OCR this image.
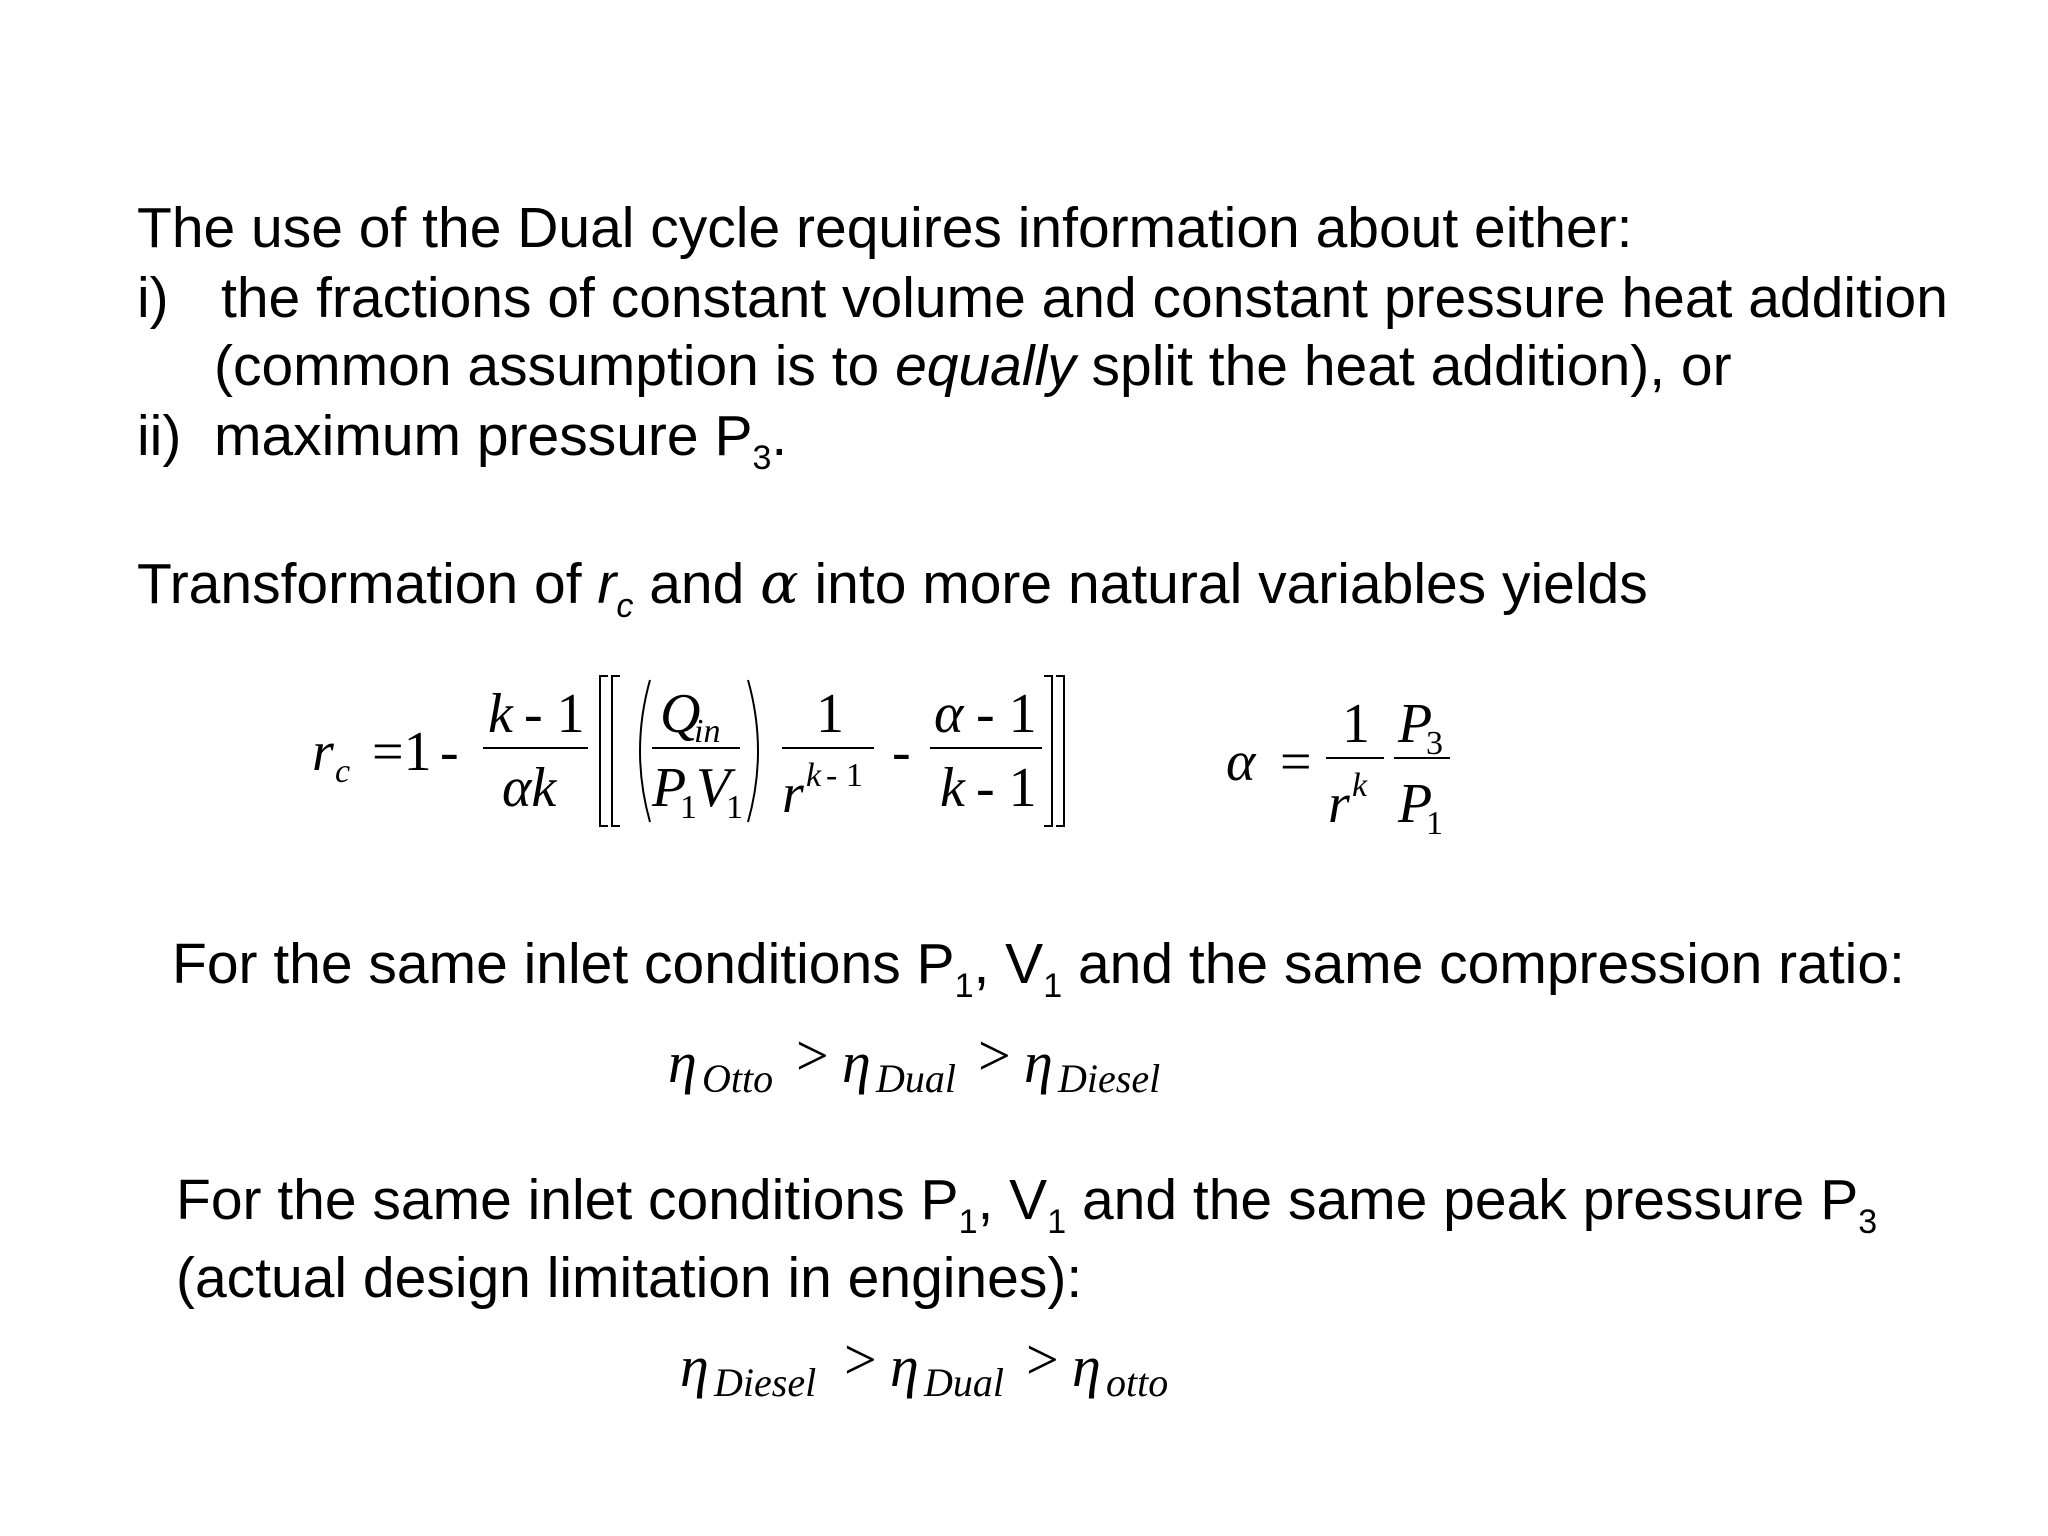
The use of the Dual cycle requires information about either:
i) the fractions of constant volume and constant pressure heat addition
(common assumption is to equally split the heat addition), or
ii) maximum pressure $P_3$.
Transformation of $r_c$ and α into more natural variables yields
r c =1 -
k - 1
αk
Q
in
P
1 V
1
1
r k - 1 -
α - 1
k - 1	α =
1
r k
P
3
P
1
η Otto > η Dual > η Diesel
η Diesel > η Dual > η otto
For the same inlet conditions $P_1$, $V_1$ and the same compression ratio:
For the same inlet conditions $P_1$, $V_1$ and the same peak pressure $P_3$
(actual design limitation in engines):
